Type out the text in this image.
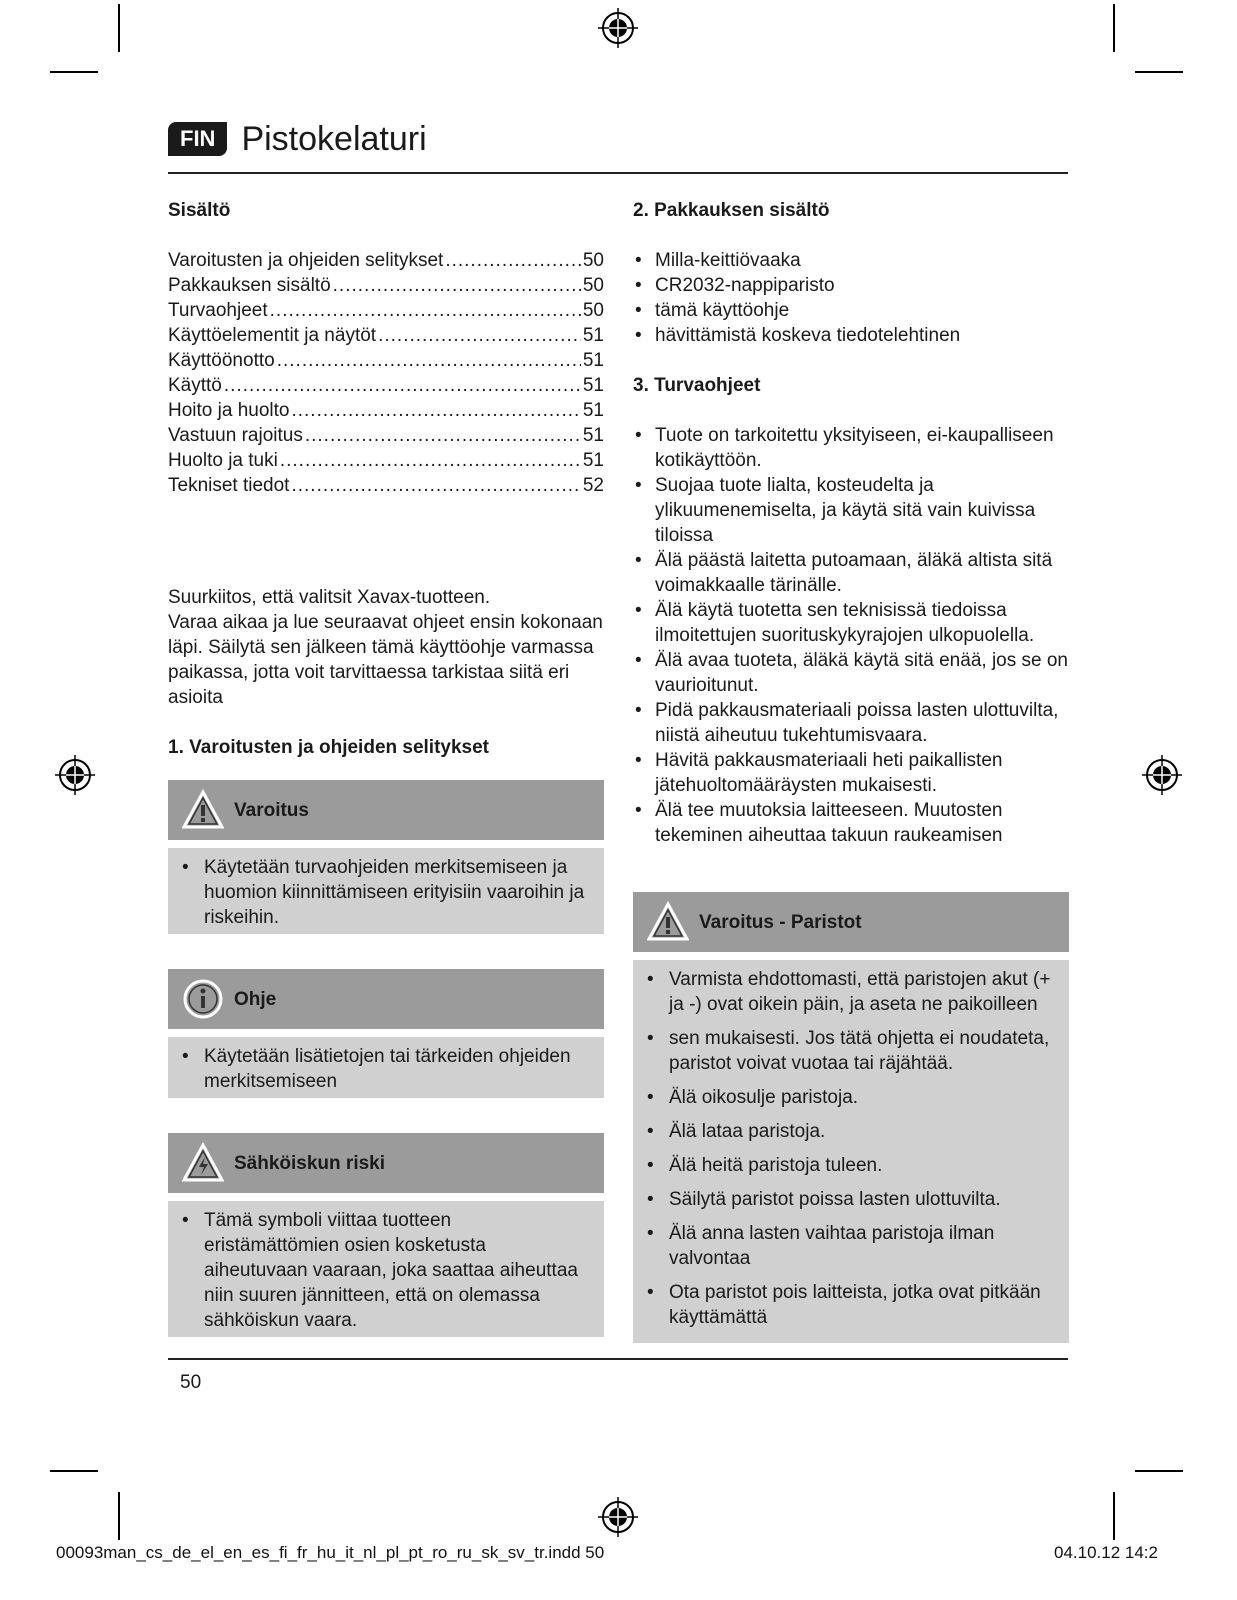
FIN Pistokelaturi
Sisältö
Varoitusten ja ohjeiden selitykset .....	50
Pakkauksen sisältö .....	50
Turvaohjeet .....	50
Käyttöelementit ja näytöt .....	51
Käyttöönotto .....	51
Käyttö .....	51
Hoito ja huolto .....	51
Vastuun rajoitus .....	51
Huolto ja tuki .....	51
Tekniset tiedot .....	52

Suurkiitos, että valitsit Xavax-tuotteen.

Varaa aikaa ja lue seuraavat ohjeet ensin kokonaan läpi. Säilytä sen jälkeen tämä käyttöohje varmassa paikassa, jotta voit tarvittaessa tarkistaa siitä eri asioita

1. Varoitusten ja ohjeiden selitykset
Varoitus
• Käytetään turvaohjeiden merkitsemiseen ja huomion kiinnittämiseen erityisiin vaaroihin ja riskeihin.
Ohje
• Käytetään lisätietojen tai tärkeiden ohjeiden merkitsemiseen
Sähköiskun riski
• Tämä symboli viittaa tuotteen eristämättömien osien kosketusta aiheutuvaan vaaraan, joka saattaa aiheuttaa niin suuren jännitteen, että on olemassa sähköiskun vaara.
2. Pakkauksen sisältö
• Milla-keittiövaaka
• CR2032-nappiparisto
• tämä käyttöohje
• hävittämistä koskeva tiedotelehtinen
3. Turvaohjeet
• Tuote on tarkoitettu yksityiseen, ei-kaupalliseen kotikäyttöön.
• Suojaa tuote lialta, kosteudelta ja ylikuumenemiselta, ja käytä sitä vain kuivissa tiloissa
• Älä päästä laitetta putoamaan, äläkä altista sitä voimakkaalle tärinälle.
• Älä käytä tuotetta sen teknisissä tiedoissa ilmoitettujen suorituskykyrajojen ulkopuolella.
• Älä avaa tuoteta, äläkä käytä sitä enää, jos se on vaurioitunut.
• Pidä pakkausmateriaali poissa lasten ulottuvilta, niistä aiheutuu tukehtumisvaara.
• Hävitä pakkausmateriaali heti paikallisten jätehuoltomääräysten mukaisesti.
• Älä tee muutoksia laitteeseen. Muutosten tekeminen aiheuttaa takuun raukeamisen
Varoitus - Paristot
• Varmista ehdottomasti, että paristojen akut (+ ja -) ovat oikein päin, ja aseta ne paikoilleen
• sen mukaisesti. Jos tätä ohjetta ei noudateta, paristot voivat vuotaa tai räjähtää.
• Älä oikosulje paristoja.
• Älä lataa paristoja.
• Älä heitä paristoja tuleen.
• Säilytä paristot poissa lasten ulottuvilta.
• Älä anna lasten vaihtaa paristoja ilman valvontaa
• Ota paristot pois laitteista, jotka ovat pitkään käyttämättä
50
00093man_cs_de_el_en_es_fi_fr_hu_it_nl_pl_pt_ro_ru_sk_sv_tr.indd 50	04.10.12 14:2
